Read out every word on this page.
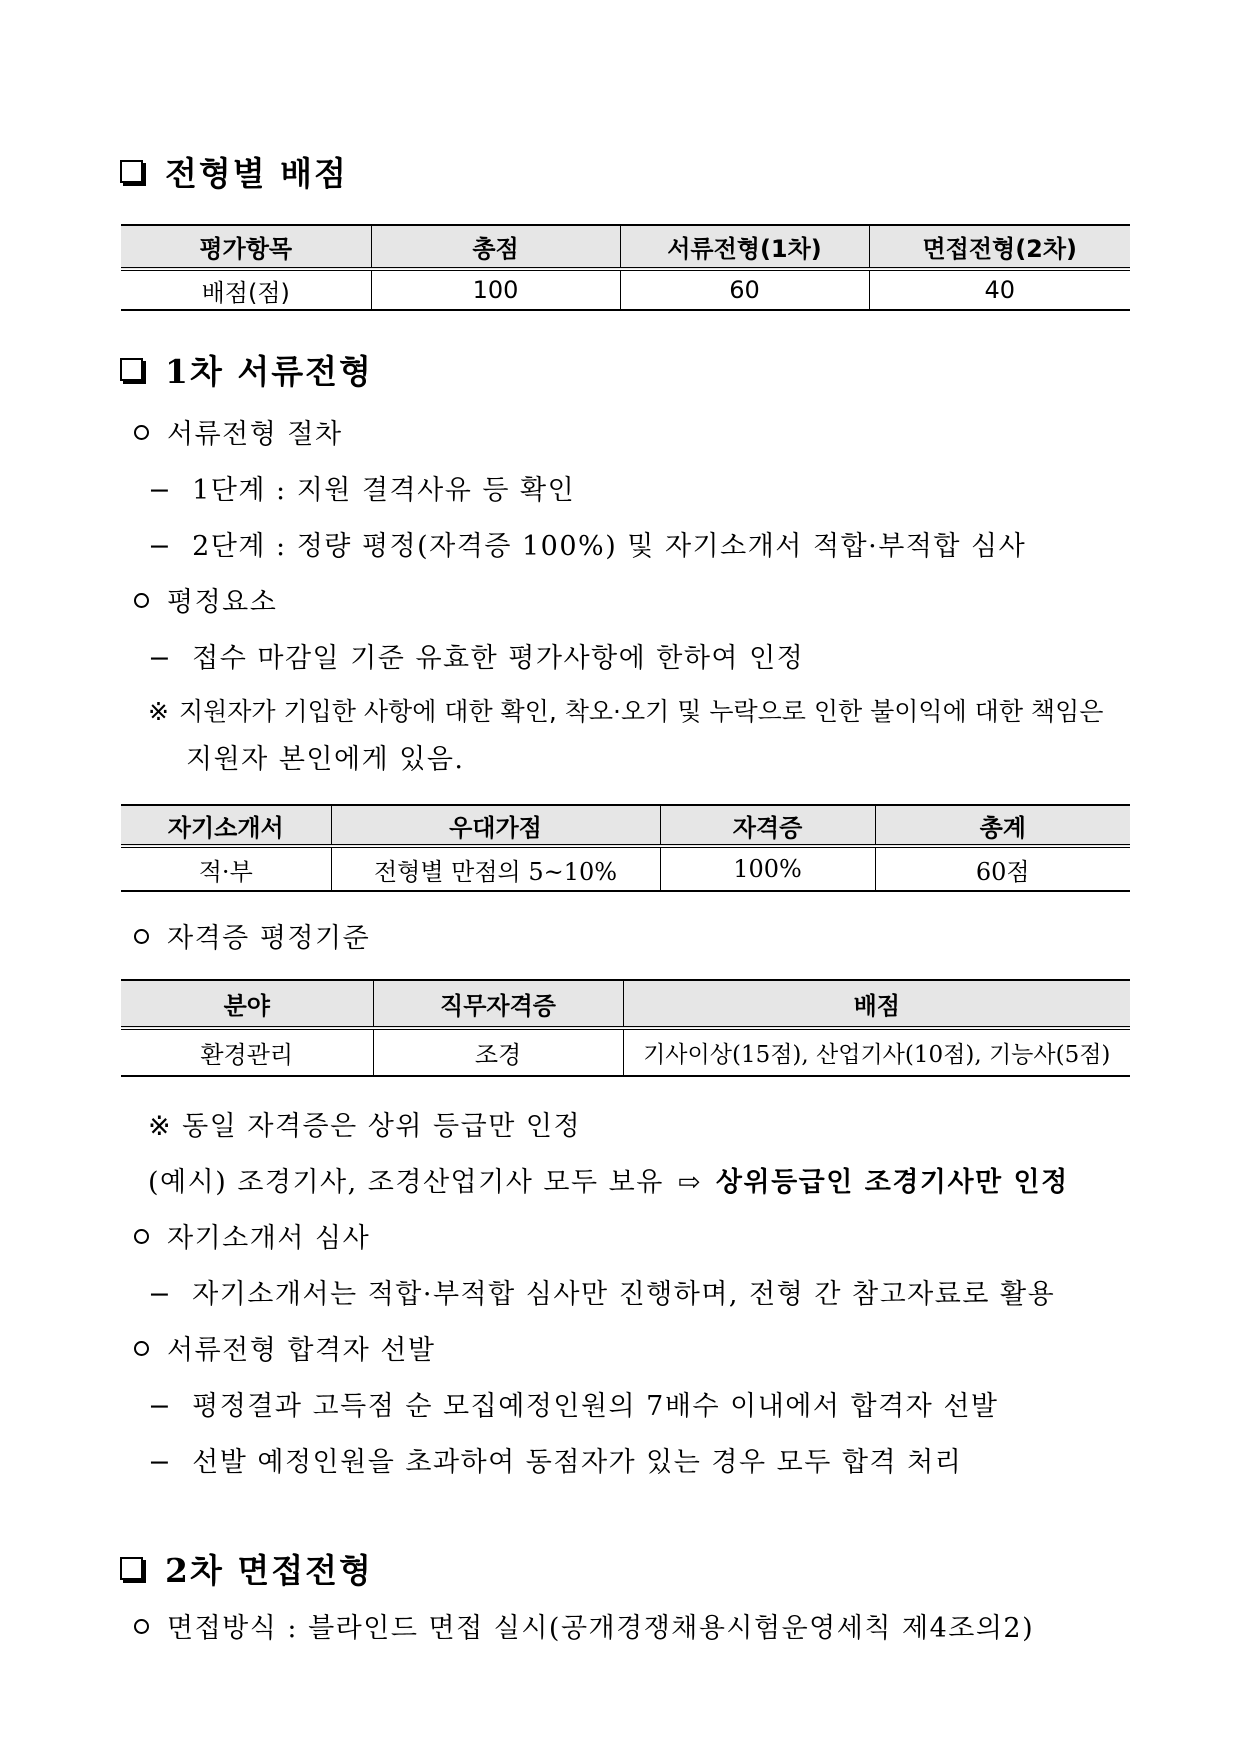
전형별 배점
평가항목	총점	서류전형(1차)	면접전형(2차)
배점(점)	100	60	40
1차 서류전형
서류전형 절차
− 1단계 : 지원 결격사유 등 확인
− 2단계 : 정량 평정(자격증 100%) 및 자기소개서 적합·부적합 심사
평정요소
− 접수 마감일 기준 유효한 평가사항에 한하여 인정
※ 지원자가 기입한 사항에 대한 확인, 착오·오기 및 누락으로 인한 불이익에 대한 책임은
지원자 본인에게 있음.
자기소개서	우대가점	자격증	총계
적·부	전형별 만점의 5~10%	100%	60점
자격증 평정기준
분야	직무자격증	배점
환경관리	조경	기사이상(15점), 산업기사(10점), 기능사(5점)
※ 동일 자격증은 상위 등급만 인정
(예시) 조경기사, 조경산업기사 모두 보유 ⇨ 상위등급인 조경기사만 인정
자기소개서 심사
− 자기소개서는 적합·부적합 심사만 진행하며, 전형 간 참고자료로 활용
서류전형 합격자 선발
− 평정결과 고득점 순 모집예정인원의 7배수 이내에서 합격자 선발
− 선발 예정인원을 초과하여 동점자가 있는 경우 모두 합격 처리
2차 면접전형
면접방식 : 블라인드 면접 실시(공개경쟁채용시험운영세칙 제4조의2)
